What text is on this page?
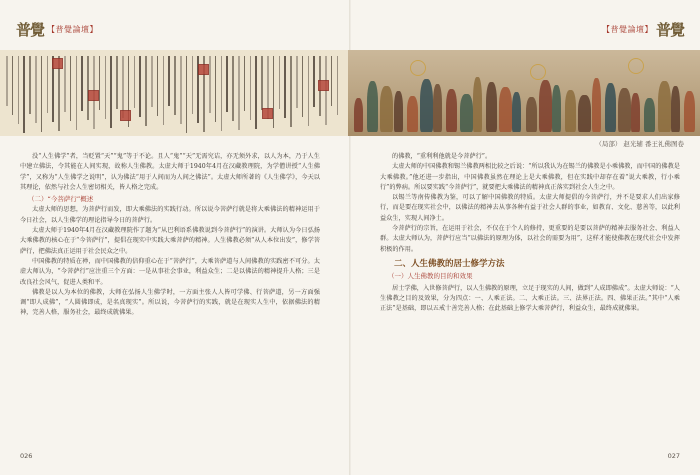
普覺 【普覺論壇】	【普覺論壇】 普覺
（局部） 赵光辅 番王礼佛图卷

没“人生佛学”者，当贬置“天”“鬼”等于不论。且人“鬼”“天”无需究诘，亦无须外求，以人为本，乃于人生中建立佛法，令其能在人间实现，故称人生佛教。太虚大师于1940年4月在汉藏教理院，为学僧讲授“人生佛学”，又称为“人生佛学之说明”，认为佛法“用于人间而为人间之佛法”。太虚大师所著的《人生佛学》，今天以其理论，依然与社会人生密切相关，皆人格之完成。

（二）“今菩萨行”概述

太虚大师的思想，为菩萨行而发，即大乘佛法的实践行动。所以说今菩萨行就是将大乘佛法的精神运用于今日社会，以人生佛学的理论指导今日的菩萨行。

太虚大师于1940年4月在汉藏教理院作了题为“从巴利语系佛教说到今菩萨行”的演讲。大师认为今日弘扬大乘佛教的核心在于“今菩萨行”，提倡在现实中实践大乘菩萨的精神。人生佛教必须“从人本位出发”，修学菩萨行，把佛法真正运用于社会民众之中。

中国佛教的特质在禅，而中国佛教的信仰重心在于“菩萨行”，大乘菩萨道与人间佛教的实践密不可分。太虚大师认为，“今菩萨行”应注重三个方面：一是从事社会事业，利益众生；二是以佛法的精神提升人格；三是改良社会风气，促进人类和平。

佛教是以人为本位的佛教，大师在弘扬人生佛学时，一方面主张人人皆可学佛、行菩萨道，另一方面强调“即人成佛”，“人圆佛即成，是名真现实”。所以说，今菩萨行的实践，就是在现实人生中，依据佛法的精神，完善人格，服务社会，最终成就佛果。

的佛教，“重利利他就是今菩萨行”。

太虚大师的中国佛教和锡兰佛教两相比较之后说：“所以我认为在锡兰的佛教是小乘佛教，而中国的佛教是大乘佛教。”他还进一步指出，中国佛教虽然在理论上是大乘佛教，但在实践中却存在着“说大乘教，行小乘行”的弊病。所以要实践“今菩萨行”，就要把大乘佛法的精神真正落实到社会人生之中。

以锡兰等南传佛教为鉴，可以了解中国佛教的特质。太虚大师提倡的今菩萨行，并不是要求人们出家修行，而是要在现实社会中，以佛法的精神去从事各种有益于社会人群的事业，如教育、文化、慈善等，以此利益众生，实现人间净土。

今菩萨行的宗旨，在运用于社会，不仅在于个人的修持，更重要的是要以菩萨的精神去服务社会、利益人群。太虚大师认为，菩萨行应当“以佛法的原理为体，以社会的需要为用”，这样才能使佛教在现代社会中发挥积极的作用。

二、人生佛教的居士修学方法
（一）人生佛教的目的和效果

居士学佛，入世修菩萨行，以人生佛教的原理，立足于现实的人间，做到“人成即佛成”。太虚大师说：“人生佛教之目的及效果，分为四点：一、人乘正法。二、大乘正法。三、法界正法。四、佛果正法。”其中“人乘正法”是基础，即以五戒十善完善人格；在此基础上修学大乘菩萨行，利益众生，最终成就佛果。

026	027
